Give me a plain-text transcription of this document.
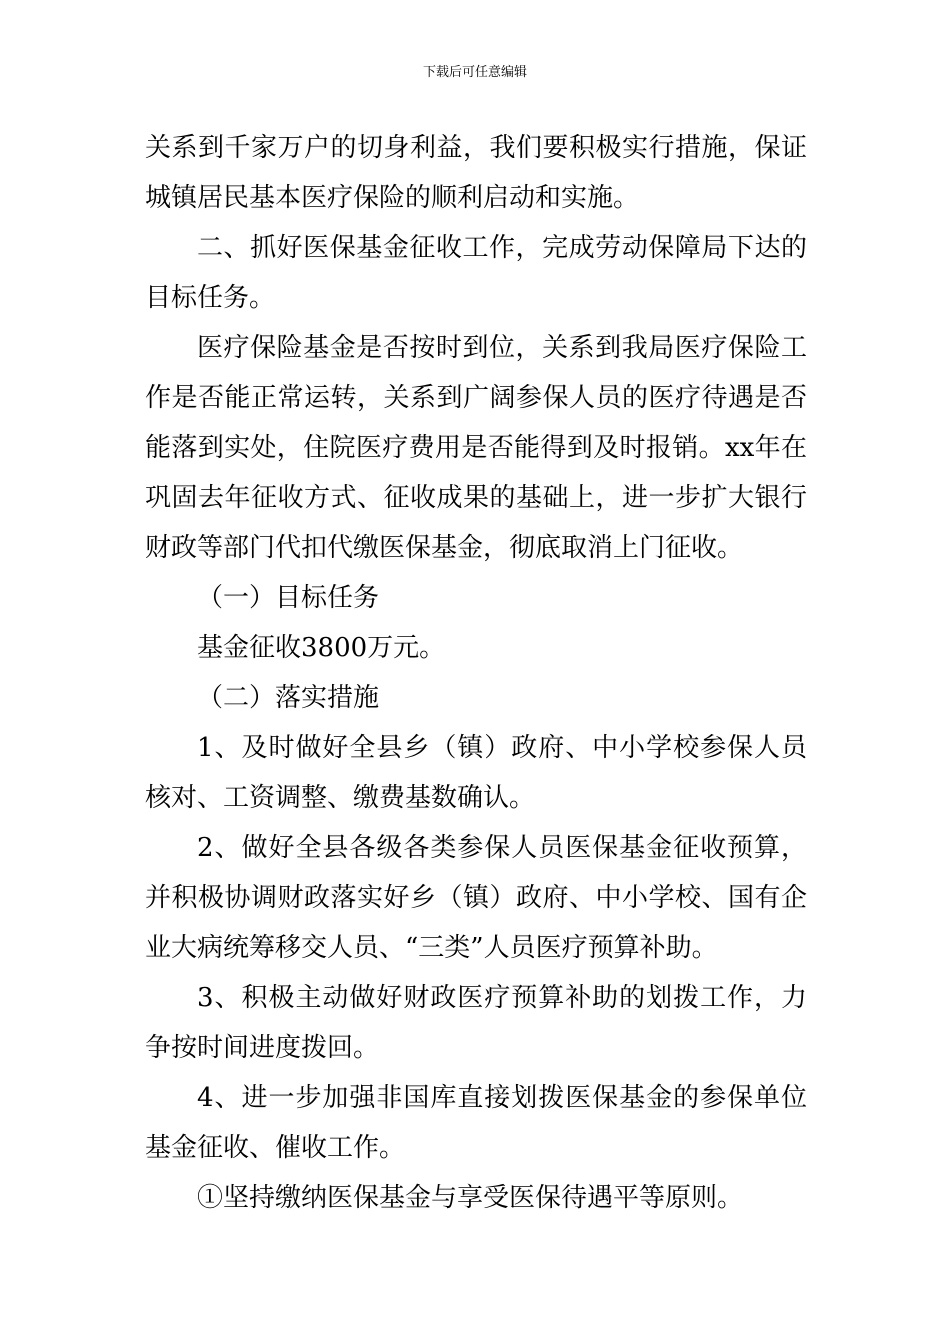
下载后可任意编辑

关系到千家万户的切身利益，我们要积极实行措施，保证城镇居民基本医疗保险的顺利启动和实施。

二、抓好医保基金征收工作，完成劳动保障局下达的目标任务。

医疗保险基金是否按时到位，关系到我局医疗保险工作是否能正常运转，关系到广阔参保人员的医疗待遇是否能落到实处，住院医疗费用是否能得到及时报销。xx年在巩固去年征收方式、征收成果的基础上，进一步扩大银行财政等部门代扣代缴医保基金，彻底取消上门征收。

（一）目标任务

基金征收3800万元。

（二）落实措施

1、及时做好全县乡（镇）政府、中小学校参保人员核对、工资调整、缴费基数确认。

2、做好全县各级各类参保人员医保基金征收预算，并积极协调财政落实好乡（镇）政府、中小学校、国有企业大病统筹移交人员、“三类”人员医疗预算补助。

3、积极主动做好财政医疗预算补助的划拨工作，力争按时间进度拨回。

4、进一步加强非国库直接划拨医保基金的参保单位基金征收、催收工作。

①坚持缴纳医保基金与享受医保待遇平等原则。
